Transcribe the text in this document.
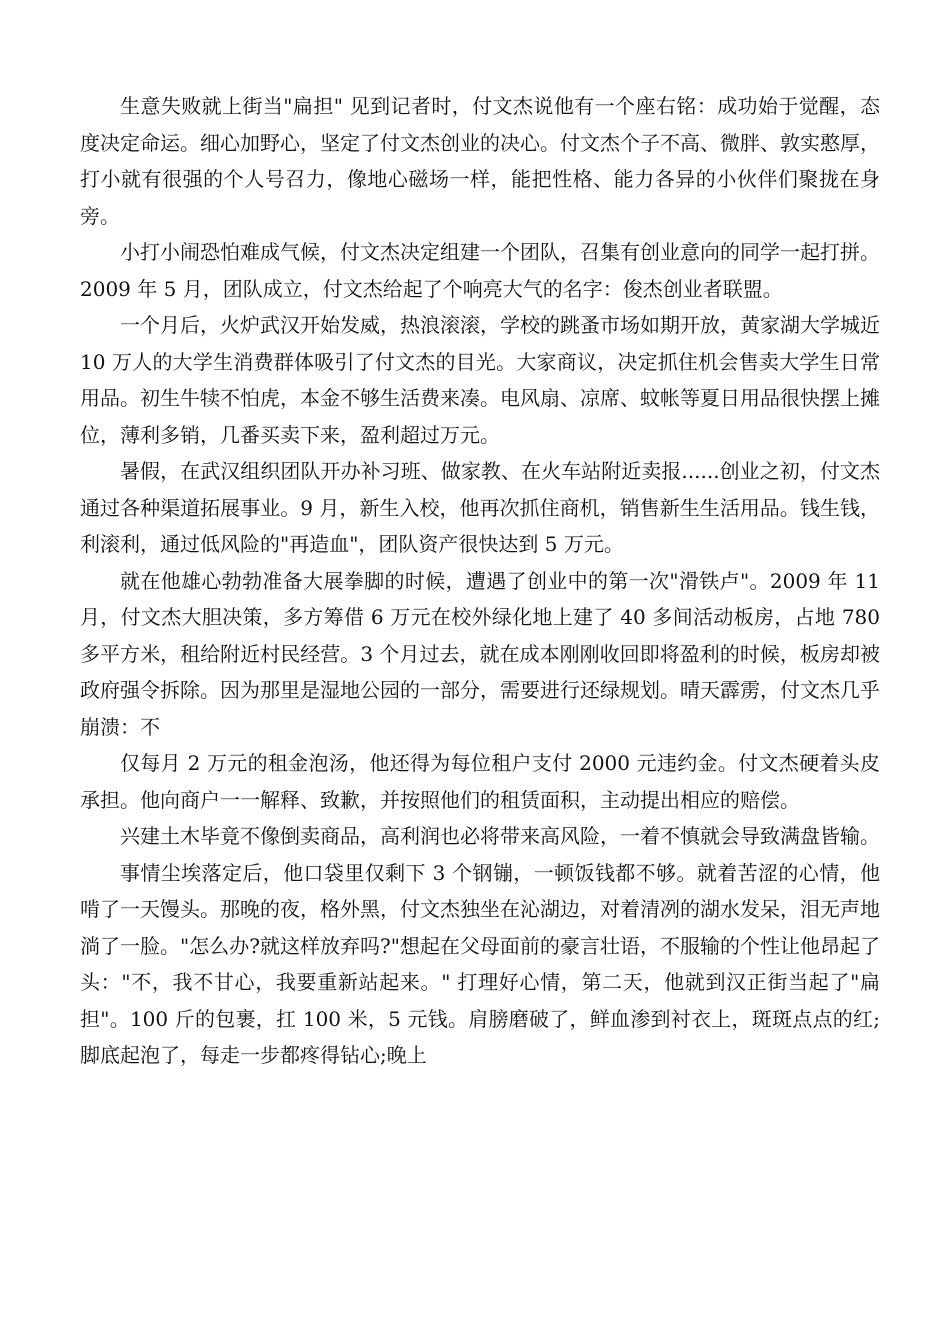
生意失败就上街当"扁担" 见到记者时，付文杰说他有一个座右铭：成功始于觉醒，态度决定命运。细心加野心，坚定了付文杰创业的决心。付文杰个子不高、微胖、敦实憨厚，打小就有很强的个人号召力，像地心磁场一样，能把性格、能力各异的小伙伴们聚拢在身旁。

小打小闹恐怕难成气候，付文杰决定组建一个团队，召集有创业意向的同学一起打拼。2009 年 5 月，团队成立，付文杰给起了个响亮大气的名字：俊杰创业者联盟。

一个月后，火炉武汉开始发威，热浪滚滚，学校的跳蚤市场如期开放，黄家湖大学城近 10 万人的大学生消费群体吸引了付文杰的目光。大家商议，决定抓住机会售卖大学生日常用品。初生牛犊不怕虎，本金不够生活费来凑。电风扇、凉席、蚊帐等夏日用品很快摆上摊位，薄利多销，几番买卖下来，盈利超过万元。

暑假，在武汉组织团队开办补习班、做家教、在火车站附近卖报......创业之初，付文杰通过各种渠道拓展事业。9 月，新生入校，他再次抓住商机，销售新生生活用品。钱生钱，利滚利，通过低风险的"再造血"，团队资产很快达到 5 万元。

就在他雄心勃勃准备大展拳脚的时候，遭遇了创业中的第一次"滑铁卢"。2009 年 11 月，付文杰大胆决策，多方筹借 6 万元在校外绿化地上建了 40 多间活动板房，占地 780 多平方米，租给附近村民经营。3 个月过去，就在成本刚刚收回即将盈利的时候，板房却被政府强令拆除。因为那里是湿地公园的一部分，需要进行还绿规划。晴天霹雳，付文杰几乎崩溃：不

仅每月 2 万元的租金泡汤，他还得为每位租户支付 2000 元违约金。付文杰硬着头皮承担。他向商户一一解释、致歉，并按照他们的租赁面积，主动提出相应的赔偿。

兴建土木毕竟不像倒卖商品，高利润也必将带来高风险，一着不慎就会导致满盘皆输。

事情尘埃落定后，他口袋里仅剩下 3 个钢镚，一顿饭钱都不够。就着苦涩的心情，他啃了一天馒头。那晚的夜，格外黑，付文杰独坐在沁湖边，对着清冽的湖水发呆，泪无声地淌了一脸。"怎么办?就这样放弃吗?"想起在父母面前的豪言壮语，不服输的个性让他昂起了头："不，我不甘心，我要重新站起来。" 打理好心情，第二天，他就到汉正街当起了"扁担"。100 斤的包裹，扛 100 米，5 元钱。肩膀磨破了，鲜血渗到衬衣上，斑斑点点的红;脚底起泡了，每走一步都疼得钻心;晚上
